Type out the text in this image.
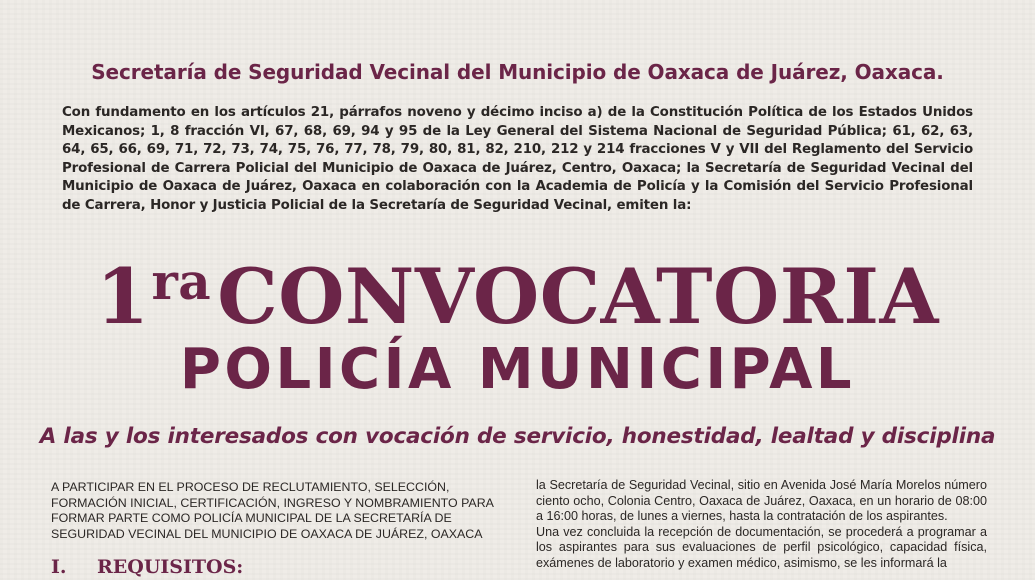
Secretaría de Seguridad Vecinal del Municipio de Oaxaca de Juárez, Oaxaca.
Con fundamento en los artículos 21, párrafos noveno y décimo inciso a) de la Constitución Política de los Estados Unidos Mexicanos; 1, 8 fracción VI, 67, 68, 69, 94 y 95 de la Ley General del Sistema Nacional de Seguridad Pública; 61, 62, 63, 64, 65, 66, 69, 71, 72, 73, 74, 75, 76, 77, 78, 79, 80, 81, 82, 210, 212 y 214 fracciones V y VII del Reglamento del Servicio Profesional de Carrera Policial del Municipio de Oaxaca de Juárez, Centro, Oaxaca; la Secretaría de Seguridad Vecinal del Municipio de Oaxaca de Juárez, Oaxaca en colaboración con la Academia de Policía y la Comisión del Servicio Profesional de Carrera, Honor y Justicia Policial de la Secretaría de Seguridad Vecinal, emiten la:
$1^{ra}CONVOCATORIA$
POLICÍA MUNICIPAL
A las y los interesados con vocación de servicio, honestidad, lealtad y disciplina
A PARTICIPAR EN EL PROCESO DE RECLUTAMIENTO, SELECCIÓN, FORMACIÓN INICIAL, CERTIFICACIÓN, INGRESO Y NOMBRAMIENTO PARA FORMAR PARTE COMO POLICÍA MUNICIPAL DE LA SECRETARÍA DE SEGURIDAD VECINAL DEL MUNICIPIO DE OAXACA DE JUÁREZ, OAXACA
I. REQUISITOS:

la Secretaría de Seguridad Vecinal, sitio en Avenida José María Morelos número ciento ocho, Colonia Centro, Oaxaca de Juárez, Oaxaca, en un horario de 08:00 a 16:00 horas, de lunes a viernes, hasta la contratación de los aspirantes.

Una vez concluida la recepción de documentación, se procederá a programar a los aspirantes para sus evaluaciones de perfil psicológico, capacidad física, exámenes de laboratorio y examen médico, asimismo, se les informará la
